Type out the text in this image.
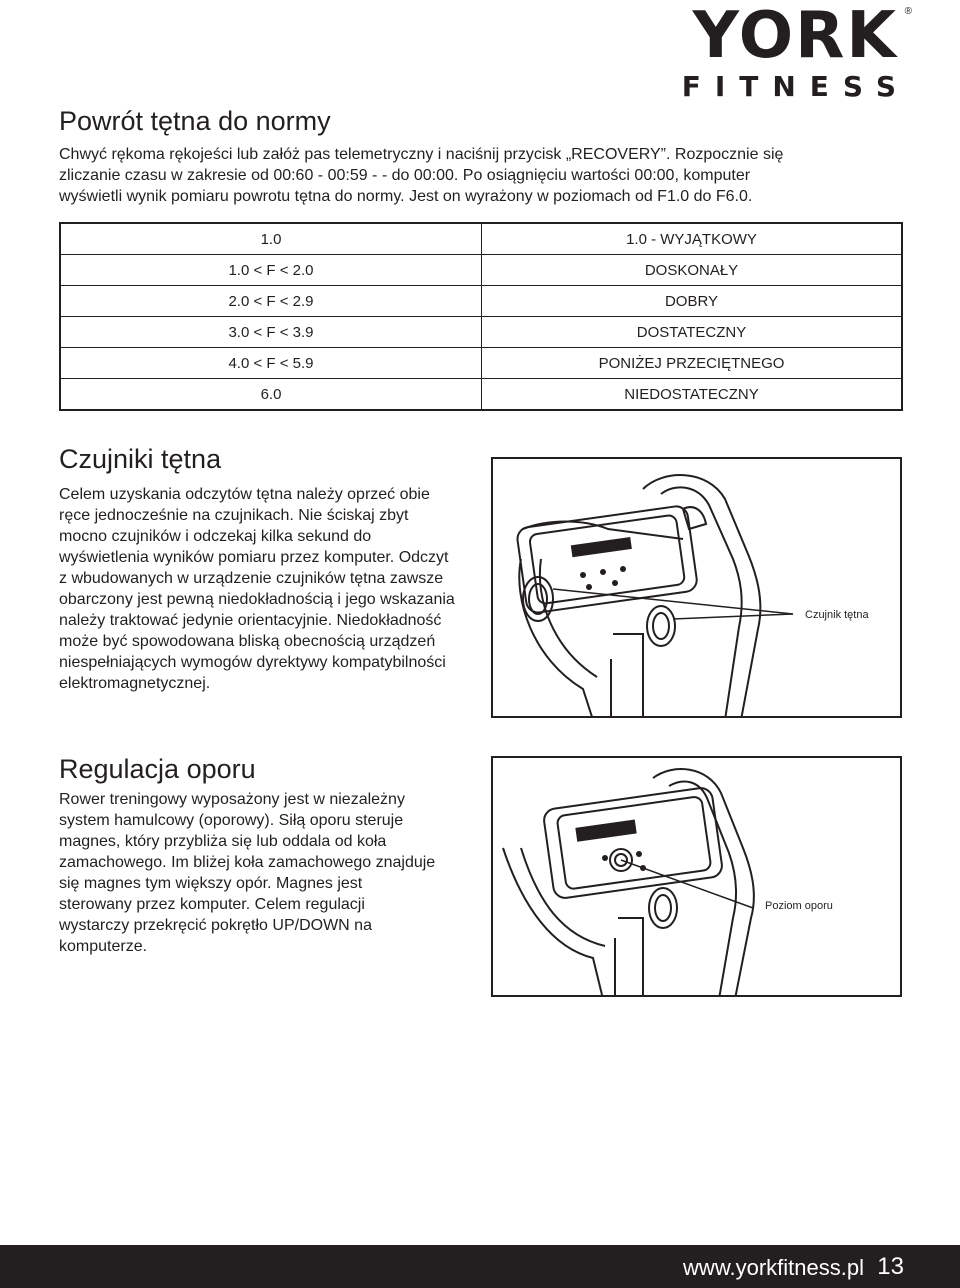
YORK
FITNESS
®
Powrót tętna do normy

Chwyć rękoma rękojeści lub załóż pas telemetryczny i naciśnij przycisk „RECOVERY”. Rozpocznie się zliczanie czasu w zakresie od 00:60 - 00:59 - - do 00:00. Po osiągnięciu wartości 00:00, komputer wyświetli wynik pomiaru powrotu tętna do normy. Jest on wyrażony w poziomach od F1.0 do F6.0.

1.0	1.0 - WYJĄTKOWY
1.0 < F < 2.0	DOSKONAŁY
2.0 < F < 2.9	DOBRY
3.0 < F < 3.9	DOSTATECZNY
4.0 < F < 5.9	PONIŻEJ PRZECIĘTNEGO
6.0	NIEDOSTATECZNY
Czujniki tętna

Celem uzyskania odczytów tętna należy oprzeć obie ręce jednocześnie na czujnikach. Nie ściskaj zbyt mocno czujników i odczekaj kilka sekund do wyświetlenia wyników pomiaru przez komputer. Odczyt z wbudowanych w urządzenie czujników tętna zawsze obarczony jest pewną niedokładnością i jego wskazania należy traktować jedynie orientacyjnie. Niedokładność może być spowodowana bliską obecnością urządzeń niespełniających wymogów dyrektywy kompatybilności elektromagnetycznej.

Czujnik tętna
Regulacja oporu

Rower treningowy wyposażony jest w niezależny system hamulcowy (oporowy). Siłą oporu steruje magnes, który przybliża się lub oddala od koła zamachowego. Im bliżej koła zamachowego znajduje się magnes tym większy opór. Magnes jest sterowany przez komputer. Celem regulacji wystarczy przekręcić pokrętło UP/DOWN na komputerze.

Poziom oporu
www.yorkfitness.pl 13
